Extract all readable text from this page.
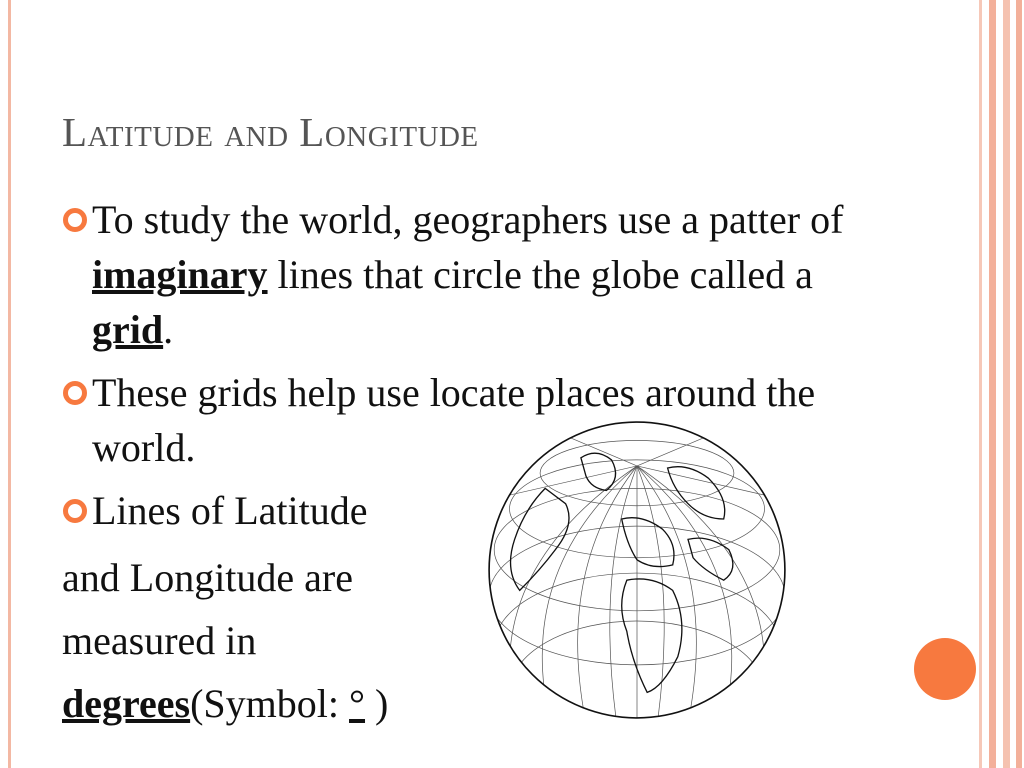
Latitude and Longitude
To study the world, geographers use a patter of imaginary lines that circle the globe called a grid.
These grids help use locate places around the world.
Lines of Latitude
and Longitude are
measured in
degrees(Symbol: ° )
